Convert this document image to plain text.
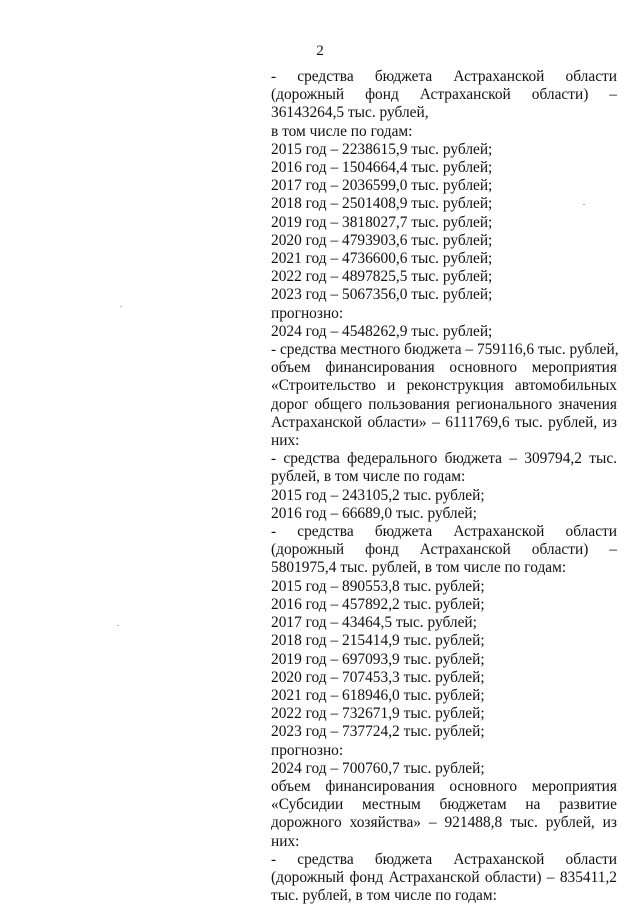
2

- средства бюджета Астраханской области (дорожный фонд Астраханской области) – 36143264,5 тыс. рублей,

в том числе по годам:

2015 год – 2238615,9 тыс. рублей;

2016 год – 1504664,4 тыс. рублей;

2017 год – 2036599,0 тыс. рублей;

2018 год – 2501408,9 тыс. рублей;

2019 год – 3818027,7 тыс. рублей;

2020 год – 4793903,6 тыс. рублей;

2021 год – 4736600,6 тыс. рублей;

2022 год – 4897825,5 тыс. рублей;

2023 год – 5067356,0 тыс. рублей;

прогнозно:

2024 год – 4548262,9 тыс. рублей;

- средства местного бюджета – 759116,6 тыс. рублей,

объем финансирования основного мероприятия «Строительство и реконструкция автомобильных дорог общего пользования регионального значения Астраханской области» – 6111769,6 тыс. рублей, из них:

- средства федерального бюджета – 309794,2 тыс. рублей, в том числе по годам:

2015 год – 243105,2 тыс. рублей;

2016 год – 66689,0 тыс. рублей;

- средства бюджета Астраханской области (дорожный фонд Астраханской области) – 5801975,4 тыс. рублей, в том числе по годам:

2015 год – 890553,8 тыс. рублей;

2016 год – 457892,2 тыс. рублей;

2017 год – 43464,5 тыс. рублей;

2018 год – 215414,9 тыс. рублей;

2019 год – 697093,9 тыс. рублей;

2020 год – 707453,3 тыс. рублей;

2021 год – 618946,0 тыс. рублей;

2022 год – 732671,9 тыс. рублей;

2023 год – 737724,2 тыс. рублей;

прогнозно:

2024 год – 700760,7 тыс. рублей;

объем финансирования основного мероприятия «Субсидии местным бюджетам на развитие дорожного хозяйства» – 921488,8 тыс. рублей, из них:

- средства бюджета Астраханской области (дорожный фонд Астраханской области) – 835411,2 тыс. рублей, в том числе по годам:
